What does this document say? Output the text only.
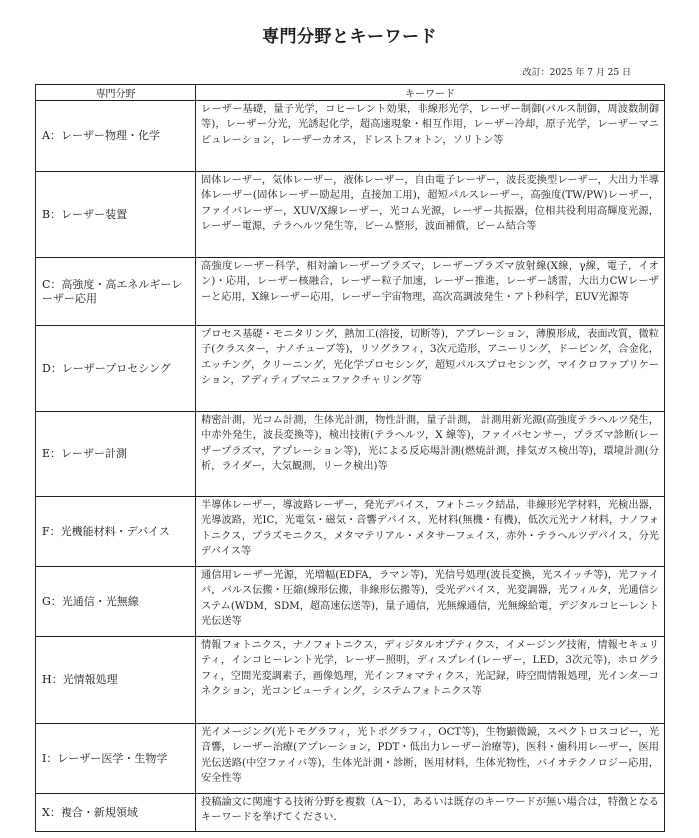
専門分野とキーワード
改訂：2025 年 7 月 25 日
専門分野	キーワード
A：レーザー物理・化学	レーザー基礎，量子光学，コヒーレント効果，非線形光学，レーザー制御(パルス制御，周波数制御等)，レーザー分光，光誘起化学，超高速現象・相互作用，レーザー冷却，原子光学，レーザーマニピュレーション，レーザーカオス，ドレストフォトン，ソリトン等
B：レーザー装置	固体レーザー，気体レーザー，液体レーザー，自由電子レーザー，波長変換型レーザー，大出力半導体レーザー(固体レーザー励起用，直接加工用)，超短パルスレーザー，高強度(TW/PW)レーザー，ファイバレーザー，XUV/X線レーザー，光コム光源，レーザー共振器，位相共役利用高輝度光源，レーザー電源，テラヘルツ発生等，ビーム整形，波面補償，ビーム結合等
C：高強度・高エネルギーレーザー応用	高強度レーザー科学，相対論レーザープラズマ，レーザープラズマ放射線(X線，γ線，電子，イオン)・応用，レーザー核融合，レーザー粒子加速，レーザー推進，レーザー誘雷，大出力CWレーザーと応用，X線レーザー応用，レーザー宇宙物理，高次高調波発生・アト秒科学，EUV光源等
D：レーザープロセシング	プロセス基礎・モニタリング，熱加工(溶接，切断等)，アブレーション，薄膜形成，表面改質，微粒子(クラスター，ナノチューブ等)，リソグラフィ，3次元造形，アニーリング，ドーピング，合金化，エッチング，クリーニング，光化学プロセシング，超短パルスプロセシング，マイクロファブリケーション，アディティブマニュファクチャリング等
E：レーザー計測	精密計測，光コム計測，生体光計測，物性計測，量子計測， 計測用新光源(高強度テラヘルツ発生，中赤外発生，波長変換等)，検出技術(テラヘルツ，X 線等)，ファイバセンサー，プラズマ診断(レーザープラズマ，アプレーション等)，光による反応場計測(燃焼計測，排気ガス検出等)，環境計測(分析，ライダー，大気観測，リーク検出)等
F：光機能材料・デバイス	半導体レーザー，導波路レーザー，発光デバイス，フォトニック結晶，非線形光学材料，光検出器，光導波路，光IC，光電気・磁気・音響デバイス，光材料(無機・有機)，低次元光ナノ材料，ナノフォトニクス，プラズモニクス，メタマテリアル・メタサーフェイス，赤外・テラヘルツデバイス，分光デバイス等
G：光通信・光無線	通信用レーザー光源，光増幅(EDFA，ラマン等)，光信号処理(波長変換，光スイッチ等)，光ファイバ，パルス伝搬・圧縮(線形伝搬，非線形伝搬等)，受光デバイス，光変調器，光フィルタ，光通信システム(WDM，SDM，超高速伝送等)，量子通信，光無線通信，光無線給電，デジタルコヒーレント光伝送等
H：光情報処理	情報フォトニクス，ナノフォトニクス，ディジタルオプティクス，イメージング技術，情報セキュリティ，インコヒーレント光学，レーザー照明，ディスプレイ(レーザー，LED，3次元等)，ホログラフィ，空間光変調素子，画像処理，光インフォマティクス，光記録，時空間情報処理，光インターコネクション，光コンピューティング，システムフォトニクス等
I：レーザー医学・生物学	光イメージング(光トモグラフィ，光トポグラフィ，OCT等)，生物顕微鏡，スペクトロスコピー，光音響，レーザー治療(アプレーション，PDT・低出力レーザー治療等)，医科・歯科用レーザー，医用光伝送路(中空ファイバ等)，生体光計測・診断，医用材料，生体光物性，バイオテクノロジー応用，安全性等
X：複合・新規領域	投稿論文に関連する技術分野を複数（A〜I），あるいは既存のキーワードが無い場合は，特徴となるキーワードを挙げてください．
